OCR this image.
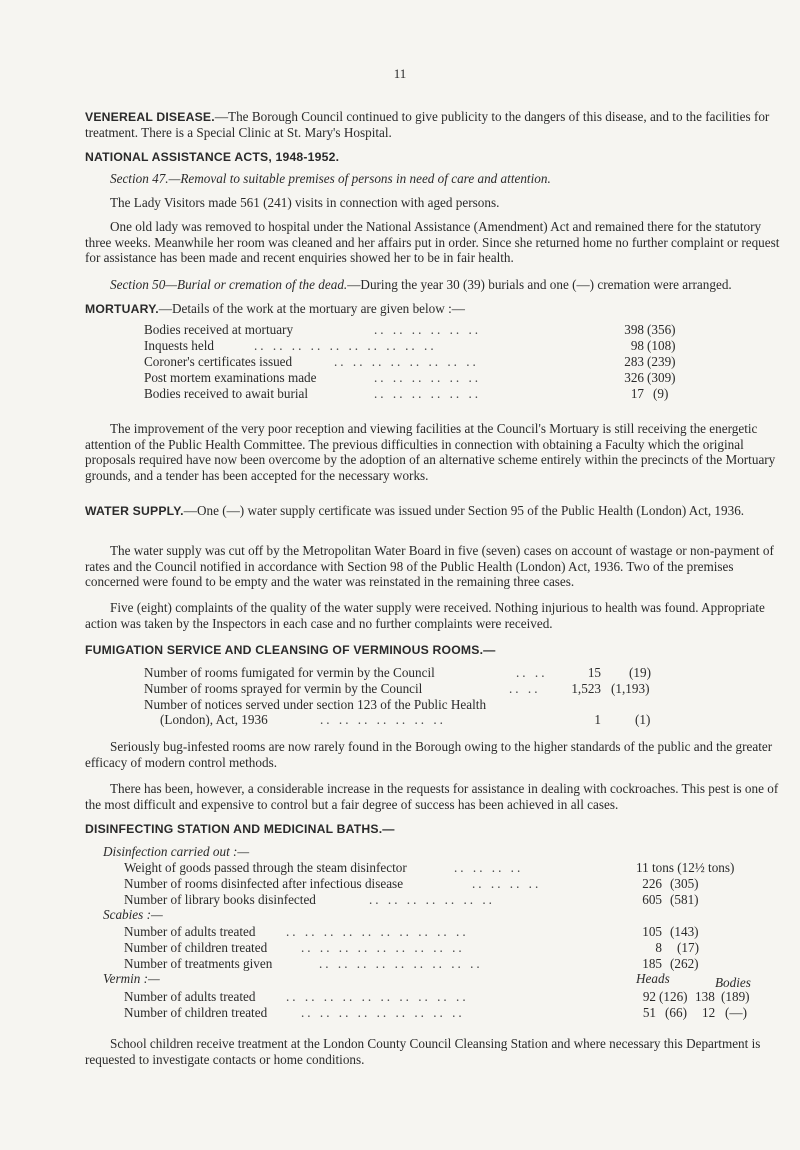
11

VENEREAL DISEASE.—The Borough Council continued to give publicity to the dangers of this disease, and to the facilities for treatment. There is a Special Clinic at St. Mary's Hospital.

NATIONAL ASSISTANCE ACTS, 1948-1952.

Section 47.—Removal to suitable premises of persons in need of care and attention.

The Lady Visitors made 561 (241) visits in connection with aged persons.

One old lady was removed to hospital under the National Assistance (Amendment) Act and remained there for the statutory three weeks. Meanwhile her room was cleaned and her affairs put in order. Since she returned home no further complaint or request for assistance has been made and recent enquiries showed her to be in fair health.

Section 50—Burial or cremation of the dead.—During the year 30 (39) burials and one (—) cremation were arranged.

MORTUARY.—Details of the work at the mortuary are given below :—

Bodies received at mortuary	.. .. .. .. .. ..	398 (356)
Inquests held	.. .. .. .. .. .. .. .. .. ..	98 (108)
Coroner's certificates issued	.. .. .. .. .. .. .. ..	283 (239)
Post mortem examinations made	.. .. .. .. .. ..	326 (309)
Bodies received to await burial	.. .. .. .. .. ..	17 (9)

The improvement of the very poor reception and viewing facilities at the Council's Mortuary is still receiving the energetic attention of the Public Health Committee. The previous difficulties in connection with obtaining a Faculty which the original proposals required have now been overcome by the adoption of an alternative scheme entirely within the precincts of the Mortuary grounds, and a tender has been accepted for the necessary works.

WATER SUPPLY.—One (—) water supply certificate was issued under Section 95 of the Public Health (London) Act, 1936.

The water supply was cut off by the Metropolitan Water Board in five (seven) cases on account of wastage or non-payment of rates and the Council notified in accordance with Section 98 of the Public Health (London) Act, 1936. Two of the premises concerned were found to be empty and the water was reinstated in the remaining three cases.

Five (eight) complaints of the quality of the water supply were received. Nothing injurious to health was found. Appropriate action was taken by the Inspectors in each case and no further complaints were received.

FUMIGATION SERVICE AND CLEANSING OF VERMINOUS ROOMS.—

Number of rooms fumigated for vermin by the Council	.. ..	15 (19)
Number of rooms sprayed for vermin by the Council	.. .. 1,523 (1,193)
Number of notices served under section 123 of the Public Health
(London), Act, 1936	.. .. .. .. .. .. ..	1	(1)

Seriously bug-infested rooms are now rarely found in the Borough owing to the higher standards of the public and the greater efficacy of modern control methods.

There has been, however, a considerable increase in the requests for assistance in dealing with cockroaches. This pest is one of the most difficult and expensive to control but a fair degree of success has been achieved in all cases.

DISINFECTING STATION AND MEDICINAL BATHS.—

Disinfection carried out :—
Weight of goods passed through the steam disinfector	.. .. .. ..	11 tons (12½ tons)
Number of rooms disinfected after infectious disease	.. .. .. ..	226 (305)
Number of library books disinfected	.. .. .. .. .. .. ..	605 (581)
Scabies :—
Number of adults treated .. .. .. .. .. .. .. .. .. ..	105 (143)
Number of children treated	.. .. .. .. .. .. .. .. ..	8 (17)
Number of treatments given	.. .. .. .. .. .. .. .. ..	185 (262)
Vermin :—	Heads	Bodies
Number of adults treated .. .. .. .. .. .. .. .. .. ..	92 (126) 138 (189)
Number of children treated	.. .. .. .. .. .. .. .. ..	51 (66) 12 (—)

School children receive treatment at the London County Council Cleansing Station and where necessary this Department is requested to investigate contacts or home conditions.
